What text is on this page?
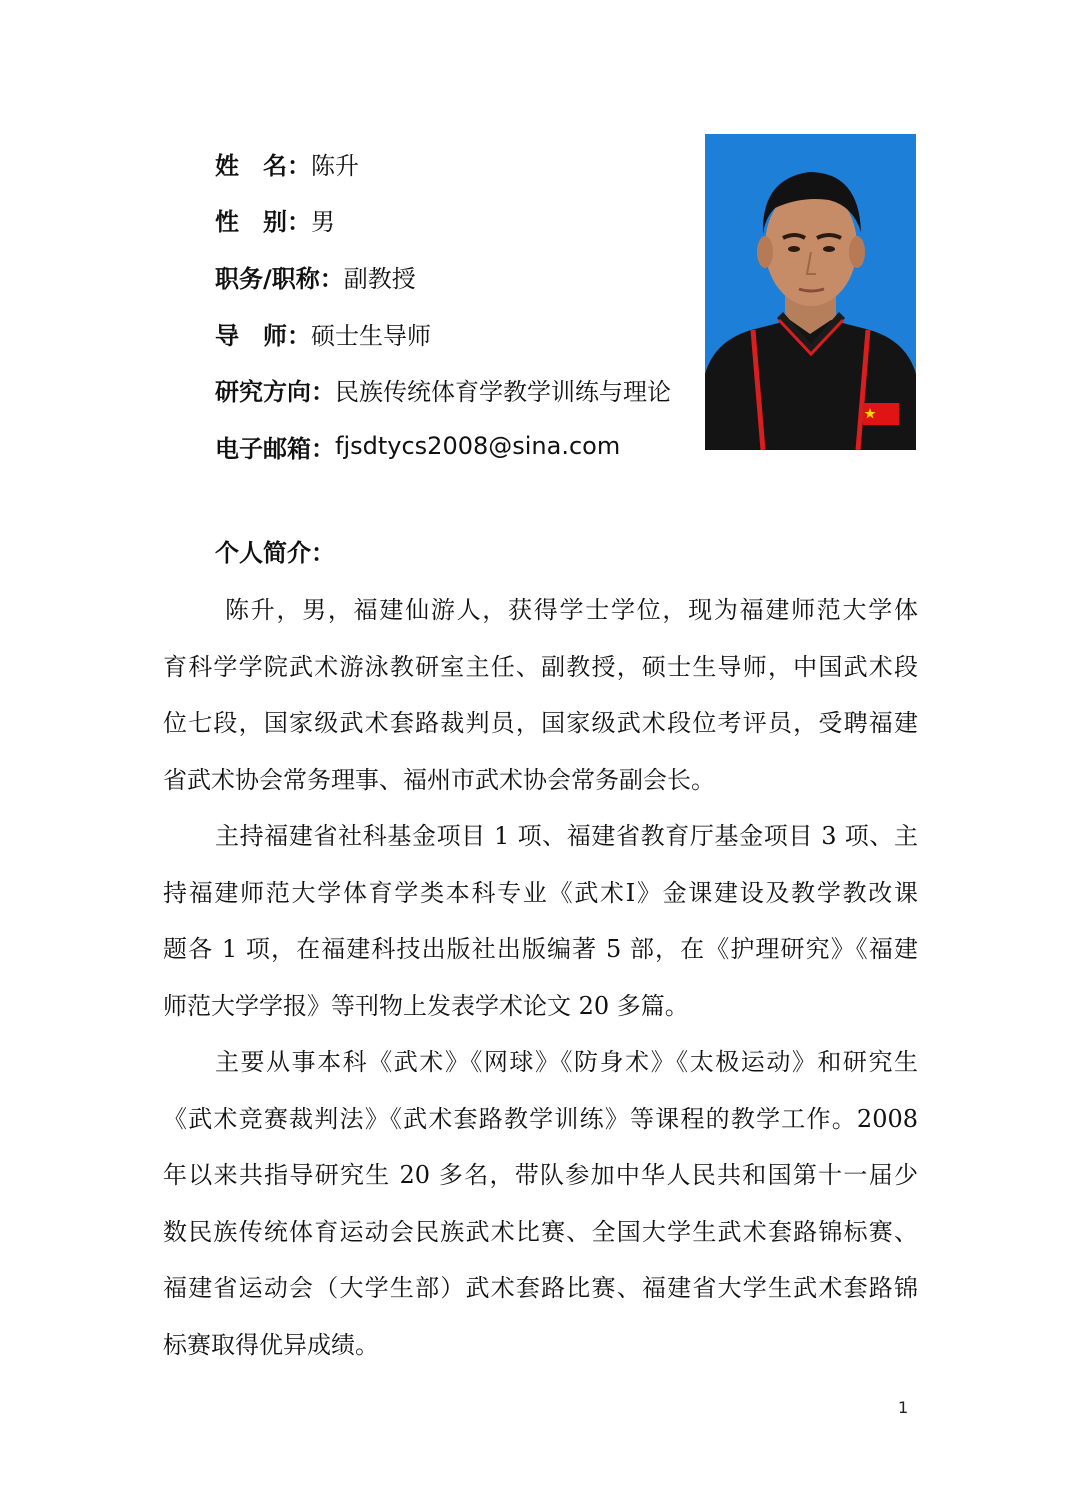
姓　名： 陈升
性　别： 男
职务/职称： 副教授
导　师： 硕士生导师
研究方向： 民族传统体育学教学训练与理论
电子邮箱： fjsdtycs2008@sina.com
个人简介：
陈升，男，福建仙游人，获得学士学位，现为福建师范大学体
育科学学院武术游泳教研室主任、副教授，硕士生导师，中国武术段
位七段，国家级武术套路裁判员，国家级武术段位考评员，受聘福建
省武术协会常务理事、福州市武术协会常务副会长。
主持福建省社科基金项目 1 项、福建省教育厅基金项目 3 项、主
持福建师范大学体育学类本科专业《武术Ⅰ》金课建设及教学教改课
题各 1 项，在福建科技出版社出版编著 5 部，在《护理研究》《福建
师范大学学报》等刊物上发表学术论文 20 多篇。
主要从事本科《武术》《网球》《防身术》《太极运动》和研究生
《武术竞赛裁判法》《武术套路教学训练》等课程的教学工作。2008
年以来共指导研究生 20 多名，带队参加中华人民共和国第十一届少
数民族传统体育运动会民族武术比赛、全国大学生武术套路锦标赛、
福建省运动会（大学生部）武术套路比赛、福建省大学生武术套路锦
标赛取得优异成绩。
1
